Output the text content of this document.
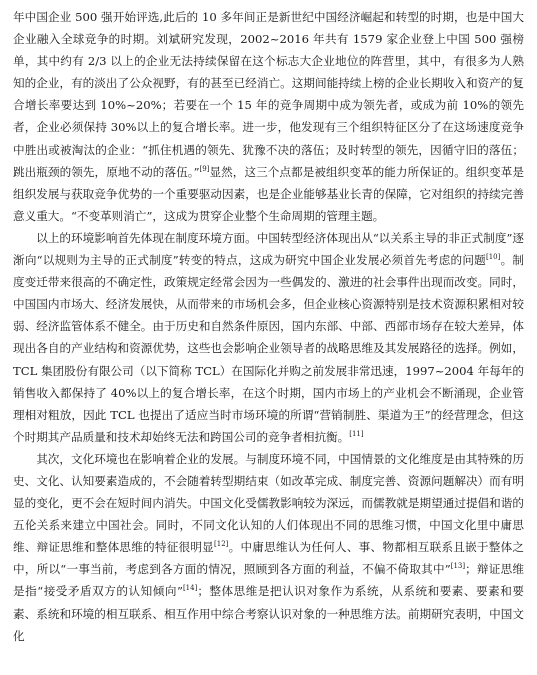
年中国企业 500 强开始评选,此后的 10 多年间正是新世纪中国经济崛起和转型的时期，也是中国大企业融入全球竞争的时期。刘斌研究发现，2002~2016 年共有 1579 家企业登上中国 500 强榜单，其中约有 2/3 以上的企业无法持续保留在这个标志大企业地位的阵营里，其中，有很多为人熟知的企业，有的淡出了公众视野，有的甚至已经消亡。这期间能持续上榜的企业长期收入和资产的复合增长率要达到 10%~20%；若要在一个 15 年的竞争周期中成为领先者，或成为前 10%的领先者，企业必须保持 30%以上的复合增长率。进一步，他发现有三个组织特征区分了在这场速度竞争中胜出或被淘汰的企业：“抓住机遇的领先、犹豫不决的落伍；及时转型的领先，因循守旧的落伍；跳出瓶颈的领先，原地不动的落伍。”[9]显然，这三个点都是被组织变革的能力所保证的。组织变革是组织发展与获取竞争优势的一个重要驱动因素，也是企业能够基业长青的保障，它对组织的持续完善意义重大。“不变革则消亡”，这成为贯穿企业整个生命周期的管理主题。

以上的环境影响首先体现在制度环境方面。中国转型经济体现出从“以关系主导的非正式制度”逐渐向“以规则为主导的正式制度”转变的特点，这成为研究中国企业发展必须首先考虑的问题[10]。制度变迁带来很高的不确定性，政策规定经常会因为一些偶发的、激进的社会事件出现而改变。同时，中国国内市场大、经济发展快，从而带来的市场机会多，但企业核心资源特别是技术资源积累相对较弱、经济监管体系不健全。由于历史和自然条件原因，国内东部、中部、西部市场存在较大差异，体现出各自的产业结构和资源优势，这些也会影响企业领导者的战略思维及其发展路径的选择。例如，TCL 集团股份有限公司（以下简称 TCL）在国际化并购之前发展非常迅速，1997~2004 年每年的销售收入都保持了 40%以上的复合增长率，在这个时期，国内市场上的产业机会不断涌现，企业管理相对粗放，因此 TCL 也提出了适应当时市场环境的所谓“营销制胜、渠道为王”的经营理念，但这个时期其产品质量和技术却始终无法和跨国公司的竞争者相抗衡。[11]

其次，文化环境也在影响着企业的发展。与制度环境不同，中国情景的文化维度是由其特殊的历史、文化、认知要素造成的，不会随着转型期结束（如改革完成、制度完善、资源问题解决）而有明显的变化，更不会在短时间内消失。中国文化受儒教影响较为深远，而儒教就是期望通过提倡和谐的五伦关系来建立中国社会。同时，不同文化认知的人们体现出不同的思维习惯，中国文化里中庸思维、辩证思维和整体思维的特征很明显[12]。中庸思维认为任何人、事、物都相互联系且嵌于整体之中，所以“一事当前，考虑到各方面的情况，照顾到各方面的利益，不偏不倚取其中”[13]；辩证思维是指“接受矛盾双方的认知倾向”[14]；整体思维是把认识对象作为系统，从系统和要素、要素和要素、系统和环境的相互联系、相互作用中综合考察认识对象的一种思维方法。前期研究表明，中国文化
